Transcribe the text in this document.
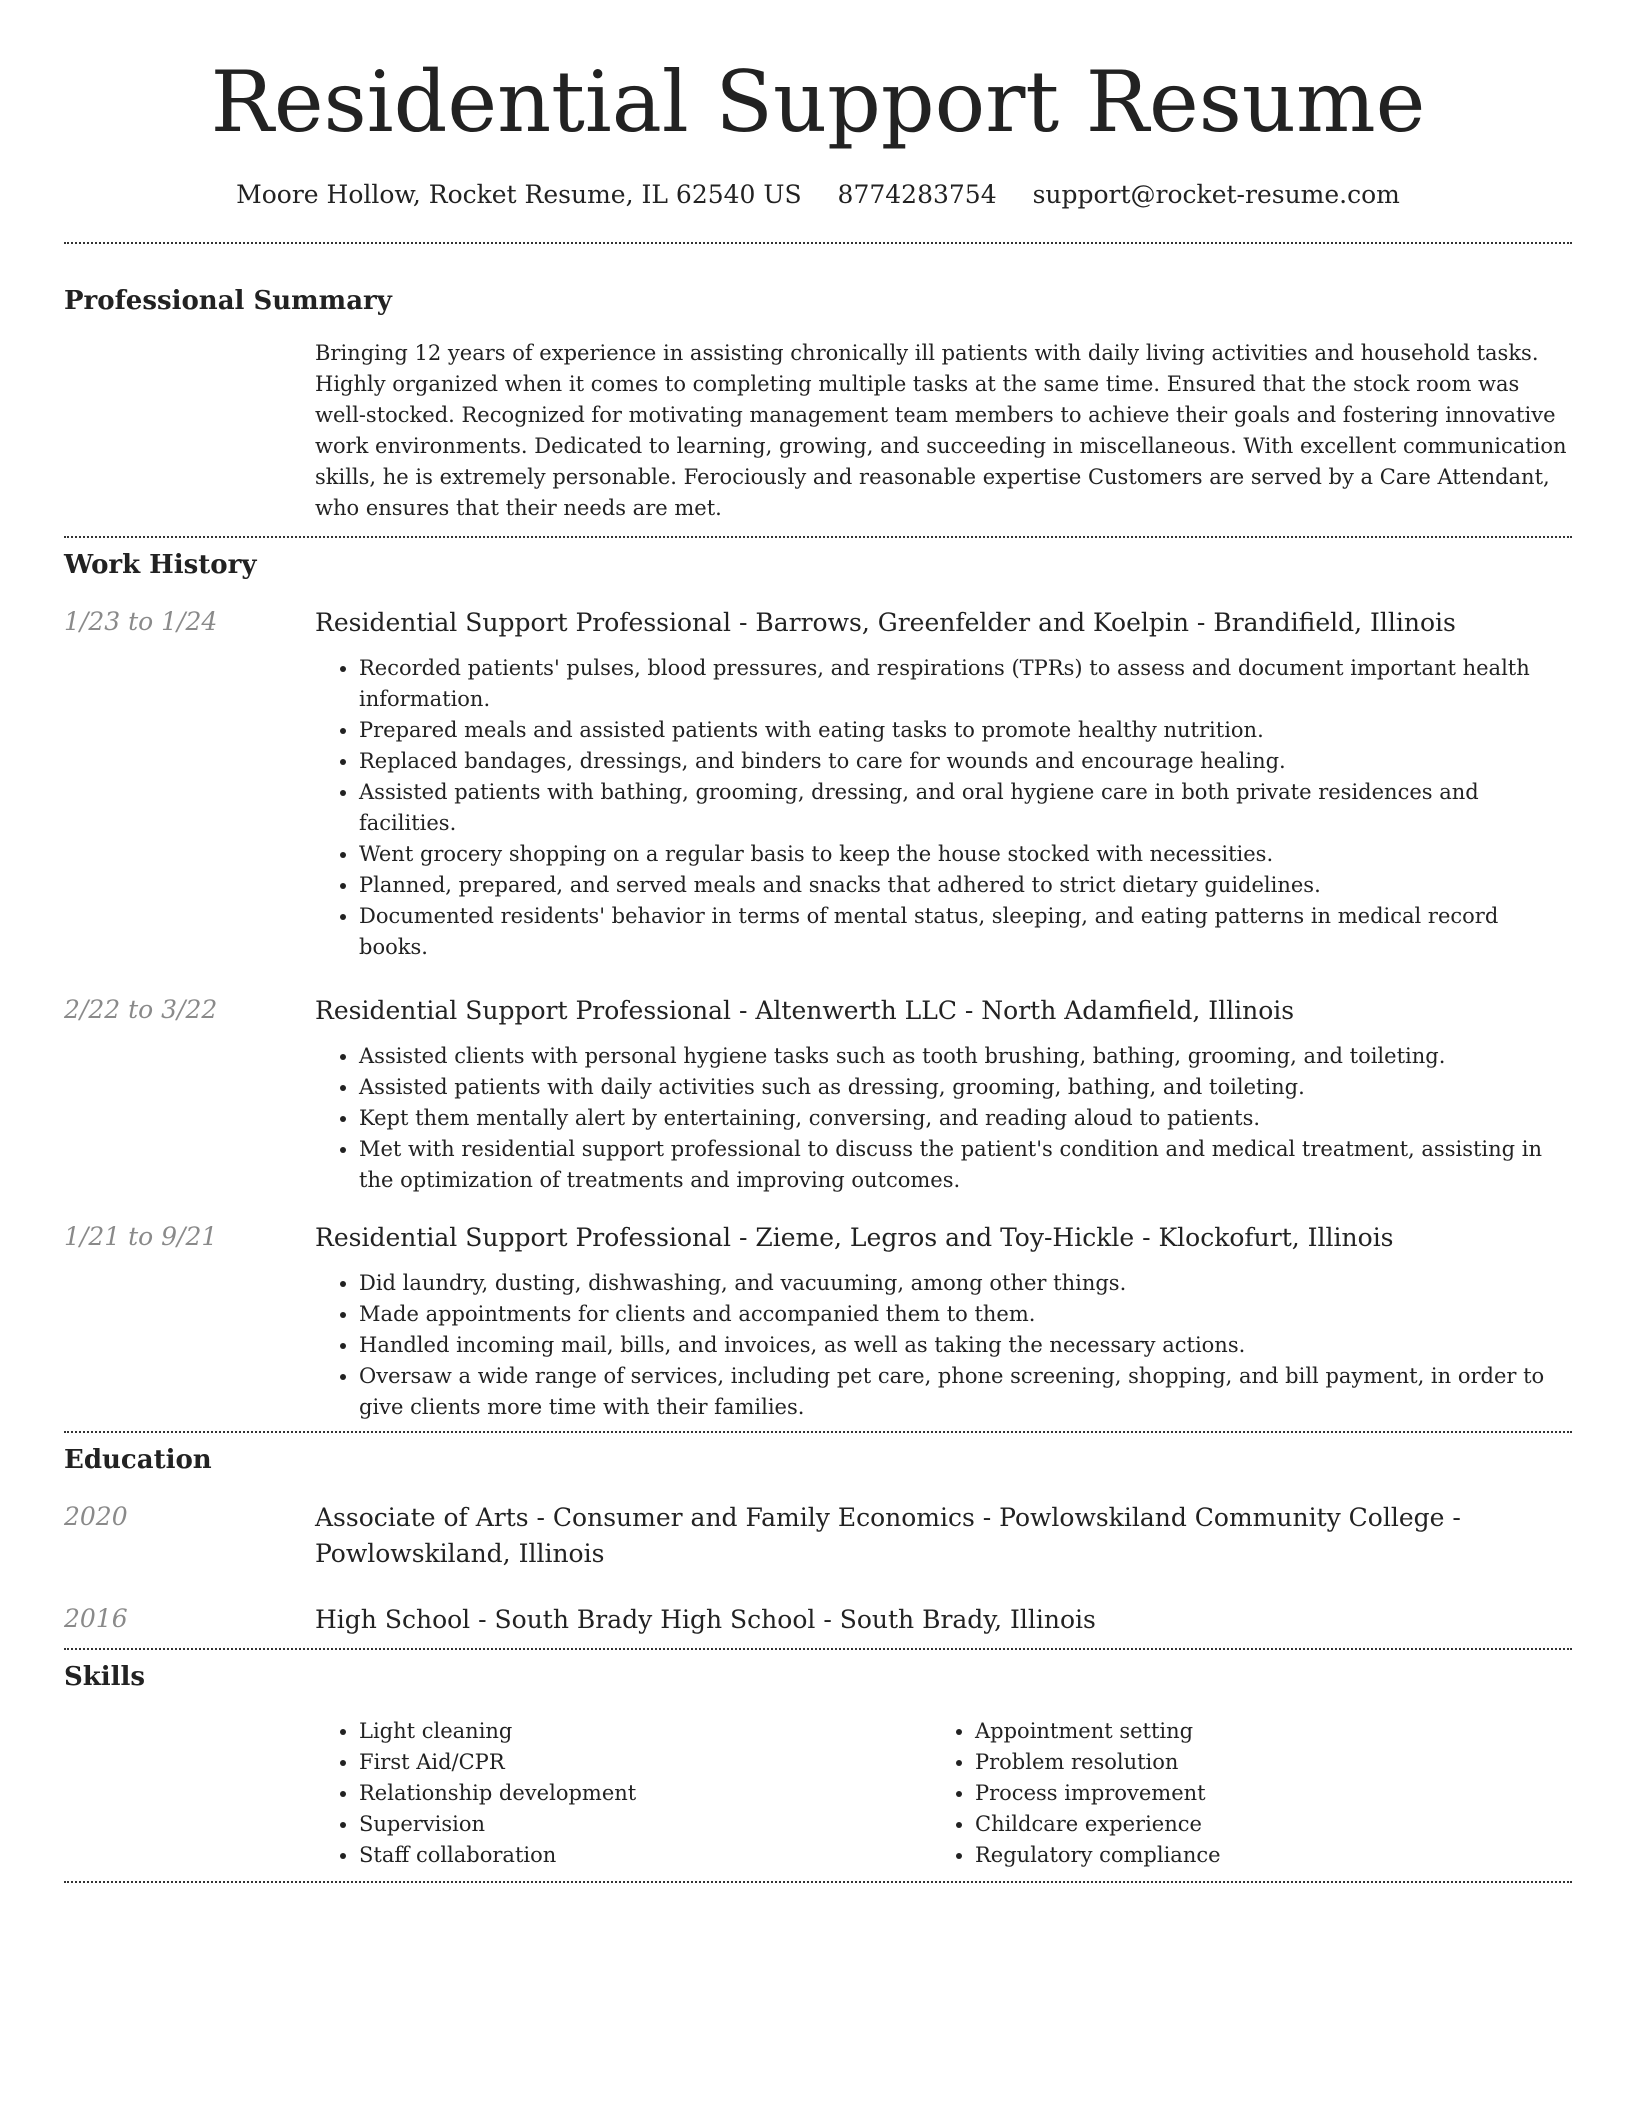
Residential Support Resume
Moore Hollow, Rocket Resume, IL 62540 US 8774283754 support@rocket-resume.com
Professional Summary
Bringing 12 years of experience in assisting chronically ill patients with daily living activities and household tasks. Highly organized when it comes to completing multiple tasks at the same time. Ensured that the stock room was well-stocked. Recognized for motivating management team members to achieve their goals and fostering innovative work environments. Dedicated to learning, growing, and succeeding in miscellaneous. With excellent communication skills, he is extremely personable. Ferociously and reasonable expertise Customers are served by a Care Attendant, who ensures that their needs are met.
Work History
1/23 to 1/24	Residential Support Professional - Barrows, Greenfelder and Koelpin - Brandifield, Illinois
• Recorded patients' pulses, blood pressures, and respirations (TPRs) to assess and document important health information.
• Prepared meals and assisted patients with eating tasks to promote healthy nutrition.
• Replaced bandages, dressings, and binders to care for wounds and encourage healing.
• Assisted patients with bathing, grooming, dressing, and oral hygiene care in both private residences and facilities.
• Went grocery shopping on a regular basis to keep the house stocked with necessities.
• Planned, prepared, and served meals and snacks that adhered to strict dietary guidelines.
• Documented residents' behavior in terms of mental status, sleeping, and eating patterns in medical record books.
2/22 to 3/22	Residential Support Professional - Altenwerth LLC - North Adamfield, Illinois
• Assisted clients with personal hygiene tasks such as tooth brushing, bathing, grooming, and toileting.
• Assisted patients with daily activities such as dressing, grooming, bathing, and toileting.
• Kept them mentally alert by entertaining, conversing, and reading aloud to patients.
• Met with residential support professional to discuss the patient's condition and medical treatment, assisting in the optimization of treatments and improving outcomes.
1/21 to 9/21	Residential Support Professional - Zieme, Legros and Toy-Hickle - Klockofurt, Illinois
• Did laundry, dusting, dishwashing, and vacuuming, among other things.
• Made appointments for clients and accompanied them to them.
• Handled incoming mail, bills, and invoices, as well as taking the necessary actions.
• Oversaw a wide range of services, including pet care, phone screening, shopping, and bill payment, in order to give clients more time with their families.
Education
2020	Associate of Arts - Consumer and Family Economics - Powlowskiland Community College - Powlowskiland, Illinois
2016	High School - South Brady High School - South Brady, Illinois
Skills
• Light cleaning
• First Aid/CPR
• Relationship development
• Supervision
• Staff collaboration
• Appointment setting
• Problem resolution
• Process improvement
• Childcare experience
• Regulatory compliance
